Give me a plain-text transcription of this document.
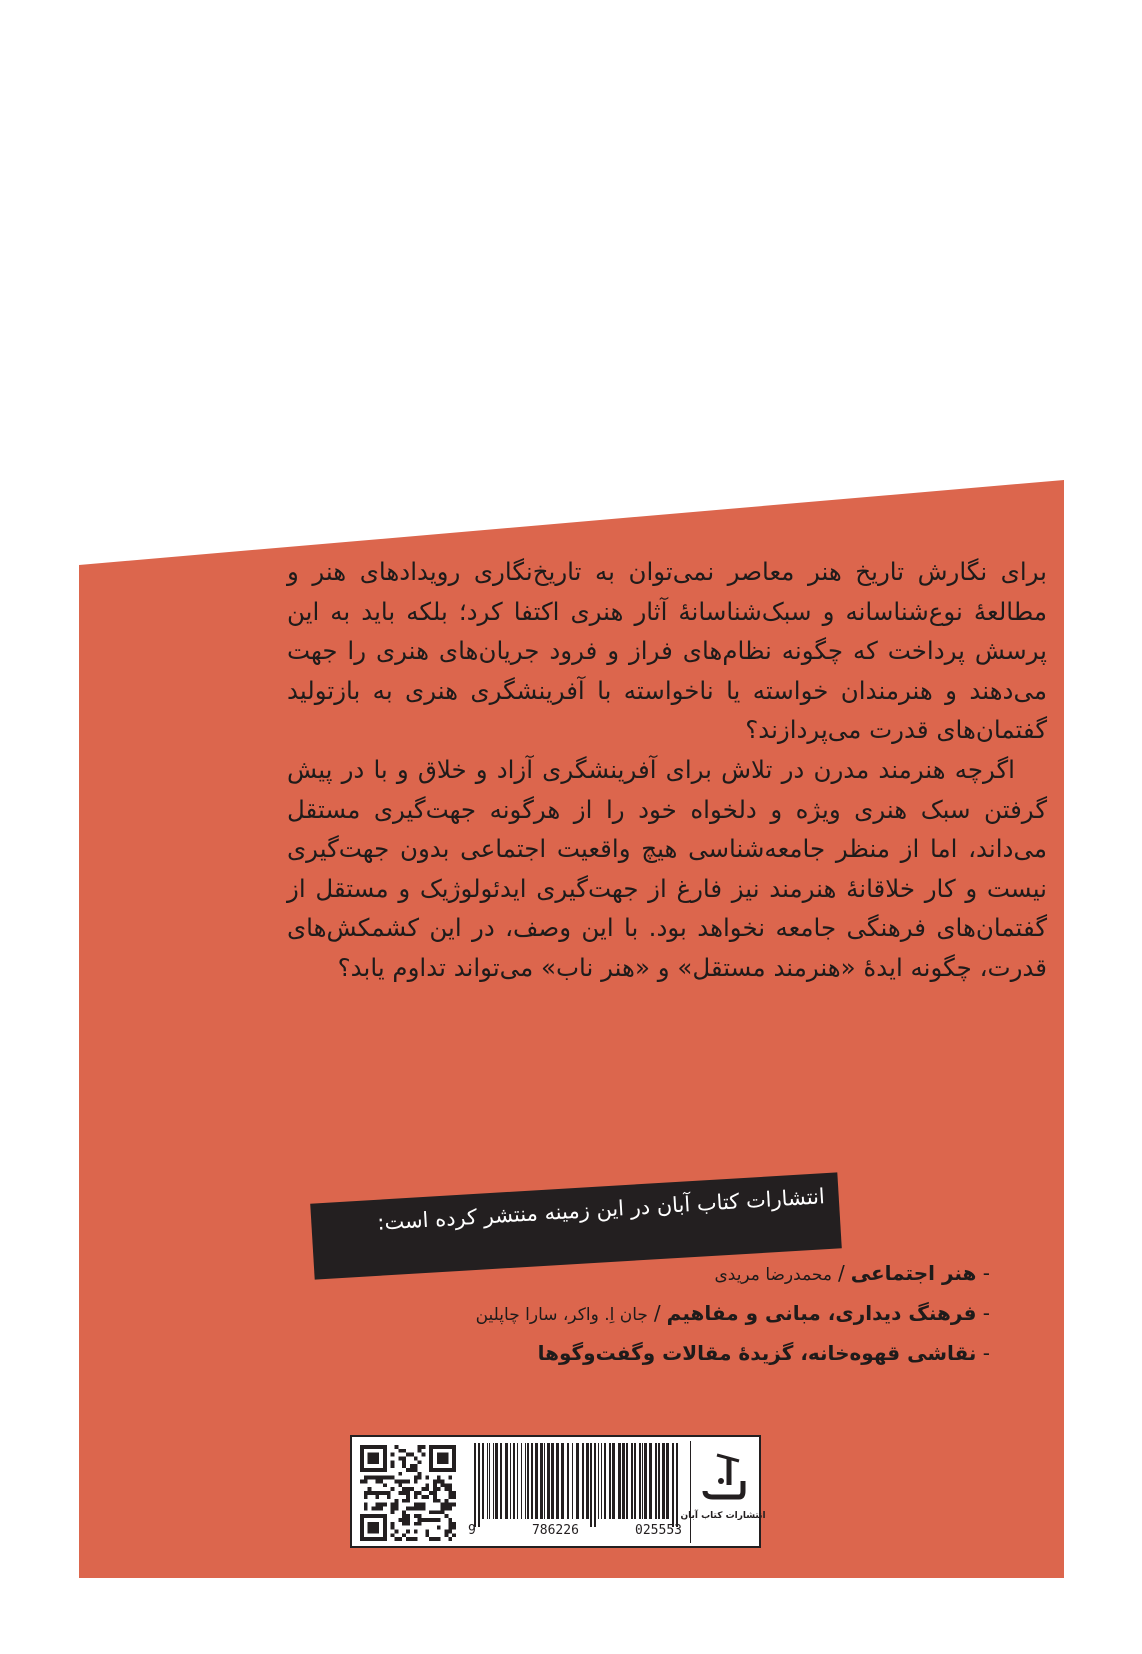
برای نگارش تاریخ هنر معاصر نمی‌توان به تاریخ‌نگاری رویدادهای هنر و مطالعهٔ نوع‌شناسانه و سبک‌شناسانهٔ آثار هنری اکتفا کرد؛ بلکه باید به این پرسش پرداخت که چگونه نظام‌های فراز و فرود جریان‌های هنری را جهت می‌دهند و هنرمندان خواسته یا ناخواسته با آفرینشگری هنری به بازتولید گفتمان‌های قدرت می‌پردازند؟

اگرچه هنرمند مدرن در تلاش برای آفرینشگری آزاد و خلاق و با در پیش گرفتن سبک هنری ویژه و دلخواه خود را از هرگونه جهت‌گیری مستقل می‌داند، اما از منظر جامعه‌شناسی هیچ واقعیت اجتماعی بدون جهت‌گیری نیست و کار خلاقانهٔ هنرمند نیز فارغ از جهت‌گیری ایدئولوژیک و مستقل از گفتمان‌های فرهنگی جامعه نخواهد بود. با این وصف، در این کشمکش‌های قدرت، چگونه ایدهٔ «هنرمند مستقل» و «هنر ناب» می‌تواند تداوم یابد؟

انتشارات کتاب آبان در این زمینه منتشر کرده است:
- هنر اجتماعی/محمدرضا مریدی
- فرهنگ دیداری، مبانی و مفاهیم/جان اِ. واکر، سارا چاپلین
- نقاشی قهوه‌خانه، گزیدهٔ مقالات وگفت‌وگوها
9	786226	025553
انتشارات کتاب آبان
